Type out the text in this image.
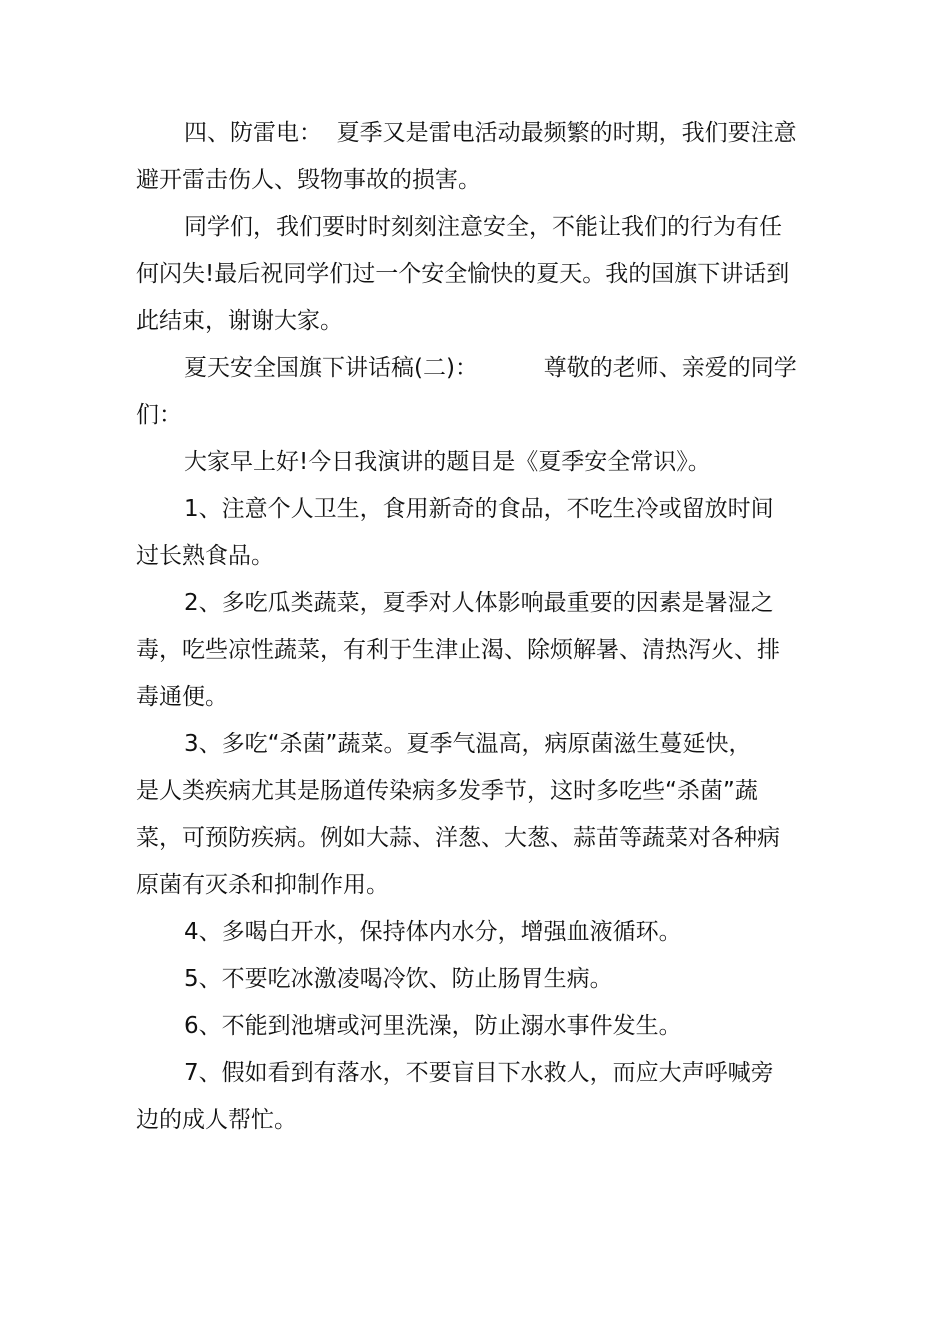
四、防雷电：  夏季又是雷电活动最频繁的时期，我们要注意
避开雷击伤人、毁物事故的损害。
同学们，我们要时时刻刻注意安全，不能让我们的行为有任
何闪失!最后祝同学们过一个安全愉快的夏天。我的国旗下讲话到
此结束，谢谢大家。
夏天安全国旗下讲话稿(二)：         尊敬的老师、亲爱的同学
们：
大家早上好!今日我演讲的题目是《夏季安全常识》。
1、注意个人卫生，食用新奇的食品，不吃生冷或留放时间
过长熟食品。
2、多吃瓜类蔬菜，夏季对人体影响最重要的因素是暑湿之
毒，吃些凉性蔬菜，有利于生津止渴、除烦解暑、清热泻火、排
毒通便。
3、多吃“杀菌”蔬菜。夏季气温高，病原菌滋生蔓延快，
是人类疾病尤其是肠道传染病多发季节，这时多吃些“杀菌”蔬
菜，可预防疾病。例如大蒜、洋葱、大葱、蒜苗等蔬菜对各种病
原菌有灭杀和抑制作用。
4、多喝白开水，保持体内水分，增强血液循环。
5、不要吃冰激凌喝冷饮、防止肠胃生病。
6、不能到池塘或河里洗澡，防止溺水事件发生。
7、假如看到有落水，不要盲目下水救人，而应大声呼喊旁
边的成人帮忙。
